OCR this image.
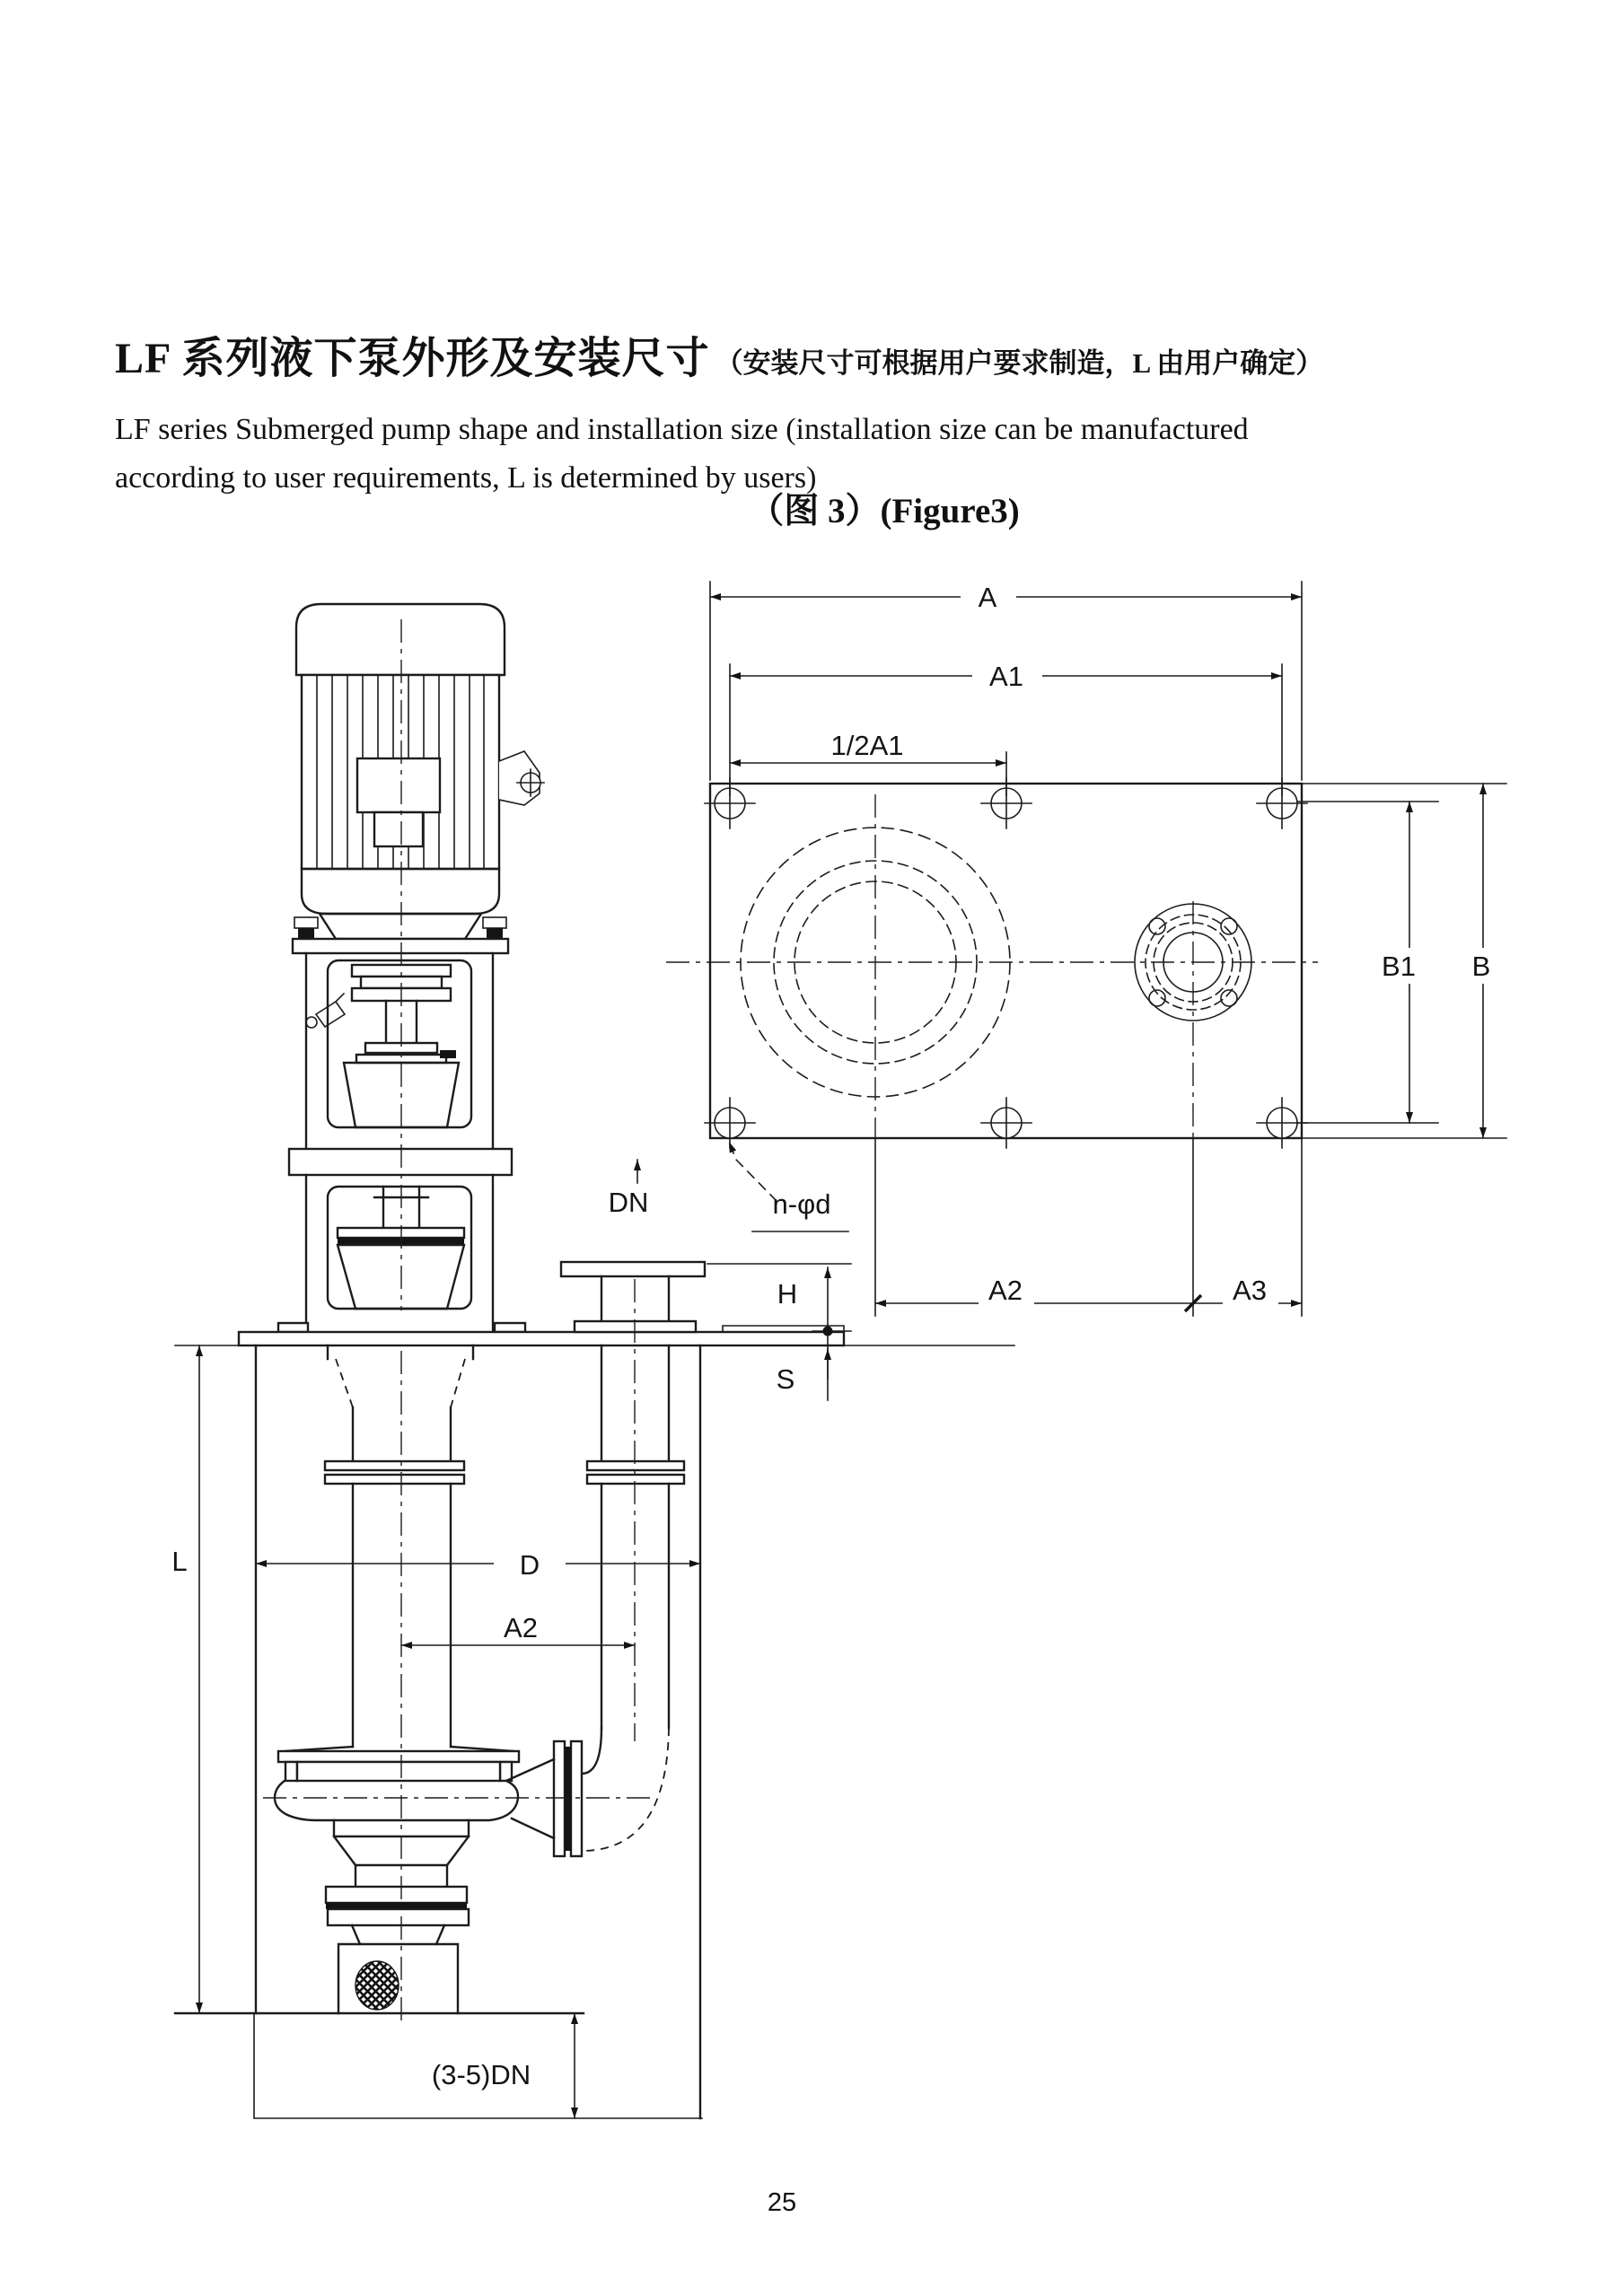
LF 系列液下泵外形及安装尺寸 （安装尺寸可根据用户要求制造，L 由用户确定）
LF series Submerged pump shape and installation size (installation size can be manufactured
according to user requirements, L is determined by users)
（图 3）(Figure3)
DN
H
S
D
A2
L
(3-5)DN
A
A1
1/2A1
B1 B
A2	A3
n-φd
25
